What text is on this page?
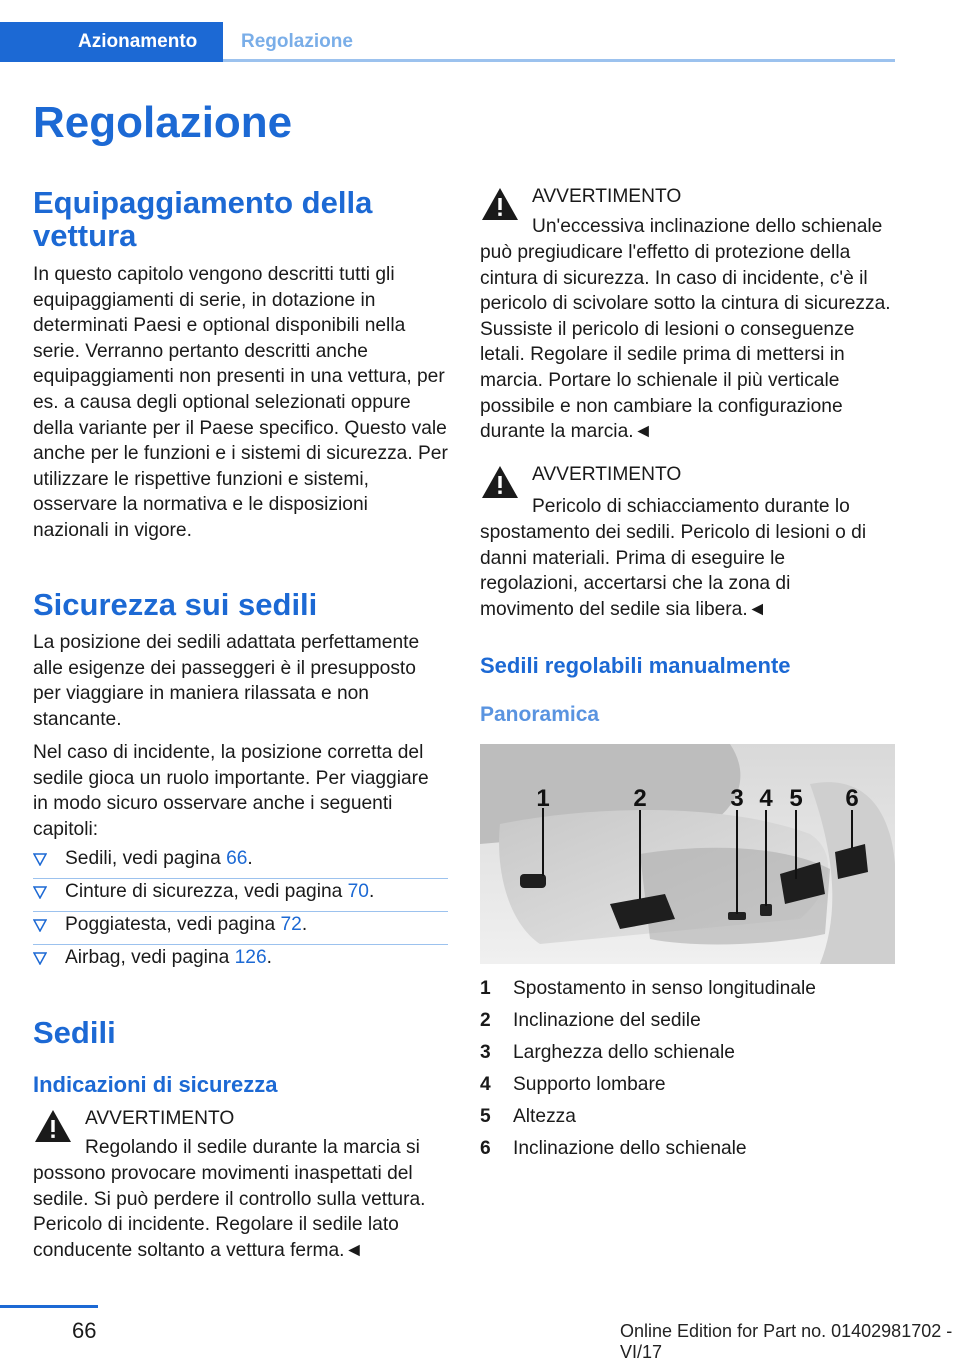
Azionamento	Regolazione
Regolazione
Equipaggiamento della vettura

In questo capitolo vengono descritti tutti gli equipaggiamenti di serie, in dotazione in determinati Paesi e optional disponibili nella serie. Verranno pertanto descritti anche equipaggiamenti non presenti in una vettura, per es. a causa degli optional selezionati oppure della variante per il Paese specifico. Questo vale anche per le funzioni e i sistemi di sicurezza. Per utilizzare le rispettive funzioni e sistemi, osservare la normativa e le disposizioni nazionali in vigore.

Sicurezza sui sedili

La posizione dei sedili adattata perfettamente alle esigenze dei passeggeri è il presupposto per viaggiare in maniera rilassata e non stancante.

Nel caso di incidente, la posizione corretta del sedile gioca un ruolo importante. Per viaggiare in modo sicuro osservare anche i seguenti capitoli:

Sedili, vedi pagina 66.
Cinture di sicurezza, vedi pagina 70.
Poggiatesta, vedi pagina 72.
Airbag, vedi pagina 126.
Sedili
Indicazioni di sicurezza
AVVERTIMENTO
Regolando il sedile durante la marcia si
possono provocare movimenti inaspettati del sedile. Si può perdere il controllo sulla vettura. Pericolo di incidente. Regolare il sedile lato conducente soltanto a vettura ferma.◄
AVVERTIMENTO
Un'eccessiva inclinazione dello schienale
può pregiudicare l'effetto di protezione della cintura di sicurezza. In caso di incidente, c'è il pericolo di scivolare sotto la cintura di sicurezza. Sussiste il pericolo di lesioni o conseguenze letali. Regolare il sedile prima di mettersi in marcia. Portare lo schienale il più verticale possibile e non cambiare la configurazione durante la marcia.◄
AVVERTIMENTO
Pericolo di schiacciamento durante lo
spostamento dei sedili. Pericolo di lesioni o di danni materiali. Prima di eseguire le regolazioni, accertarsi che la zona di movimento del sedile sia libera.◄
Sedili regolabili manualmente
Panoramica
1	2	3 4 5 6
1 Spostamento in senso longitudinale
2 Inclinazione del sedile
3 Larghezza dello schienale
4 Supporto lombare
5 Altezza
6 Inclinazione dello schienale
66	Online Edition for Part no. 01402981702 - VI/17
